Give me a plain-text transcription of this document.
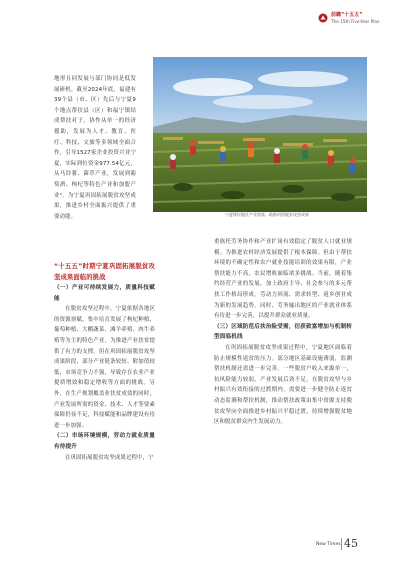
前瞻“十五五”
The 15th Five-Year Plan

地形且同发展与部门协同是低发展研机。截至2024年底，福建有39个县（市、区）先后与宁夏9个地点帮扶县（区）和福宁镇结成帮扶对子，协作从单一的经济援助，发展为人才、教育、医疗、科技、文旅等多领域全面合作，引导1527家企业投资兴业宁夏，实际到位资金977.54亿元，从马铃薯、菌草产业，发展到葡萄酒、枸杞等特色产业和加盟产业²。为宁夏巩固拓展脱贫攻坚成果，推进乡村全面振兴提供了重要动能。	宁夏移民地区产业致富，助推巩固脱贫攻坚成果

“十五五”时期宁夏巩固拓展脱贫攻坚成果面临的挑战

（一）产业可持续发展力，质量科技赋能

在脱贫攻坚过程中，宁夏依据各地区的资源禀赋，集中培育发展了枸杞种植、葡萄种植、大棚蔬菜、滩羊养殖、肉牛养殖等为主的特色产业，为推进产业扶贫提供了有力的支撑。但在巩固拓展脱贫攻坚成果阶段，部分产业链条较短、附加值较低，市场竞争力不强，导致存在农业产业提质增效和稳定增收等方面的挑战。另外，在生产规划覆盖业扶贫成效的同时，产业发展所需的资金、技术、人才等要素保障仍显不足，科技赋能和品牌建设有待进一步加强。

（二）市场环境规模，劳动力就业质量有待提升

在巩固拓展脱贫攻坚成果过程中，宁

重族托劳务协作和产业扩岗有效稳定了脱贫人口就业规模。为推进农村经济发展提供了根本保障。但由于帮扶环境的不确定性和农户就业技能培训的效果有限，产业帮扶能力不高，农民增收面临诸多挑战。当前，随着集约经营产业的发展。加上政府主导、社会参与的多元帮扶工作格局形成。劳动力回流、需求转型、返乡创业成为新的发展趋势。同时，劳务输出地区的产业就业体系有待进一步完善，以提升群众就业质量。

（三）区域防范后扶治险受需，衍获致富增加与机制转型面临机线

在巩固拓展脱贫攻坚成果过程中，宁夏地区面临着防止规模性返贫的压力。部分地区基础设施薄弱，监测帮扶机制还需进一步完善。一些脱贫户收入来源单一，抗风险能力较弱，产业发展后劲不足。在脱贫攻坚与乡村振兴有效衔接的过渡期内，需要进一步健全防止返贫动态监测和帮扶机制，推动帮扶政策由集中资源支持脱贫攻坚向全面推进乡村振兴平稳过渡，持续增强脱贫地区和脱贫群众内生发展动力。

New Times 45
